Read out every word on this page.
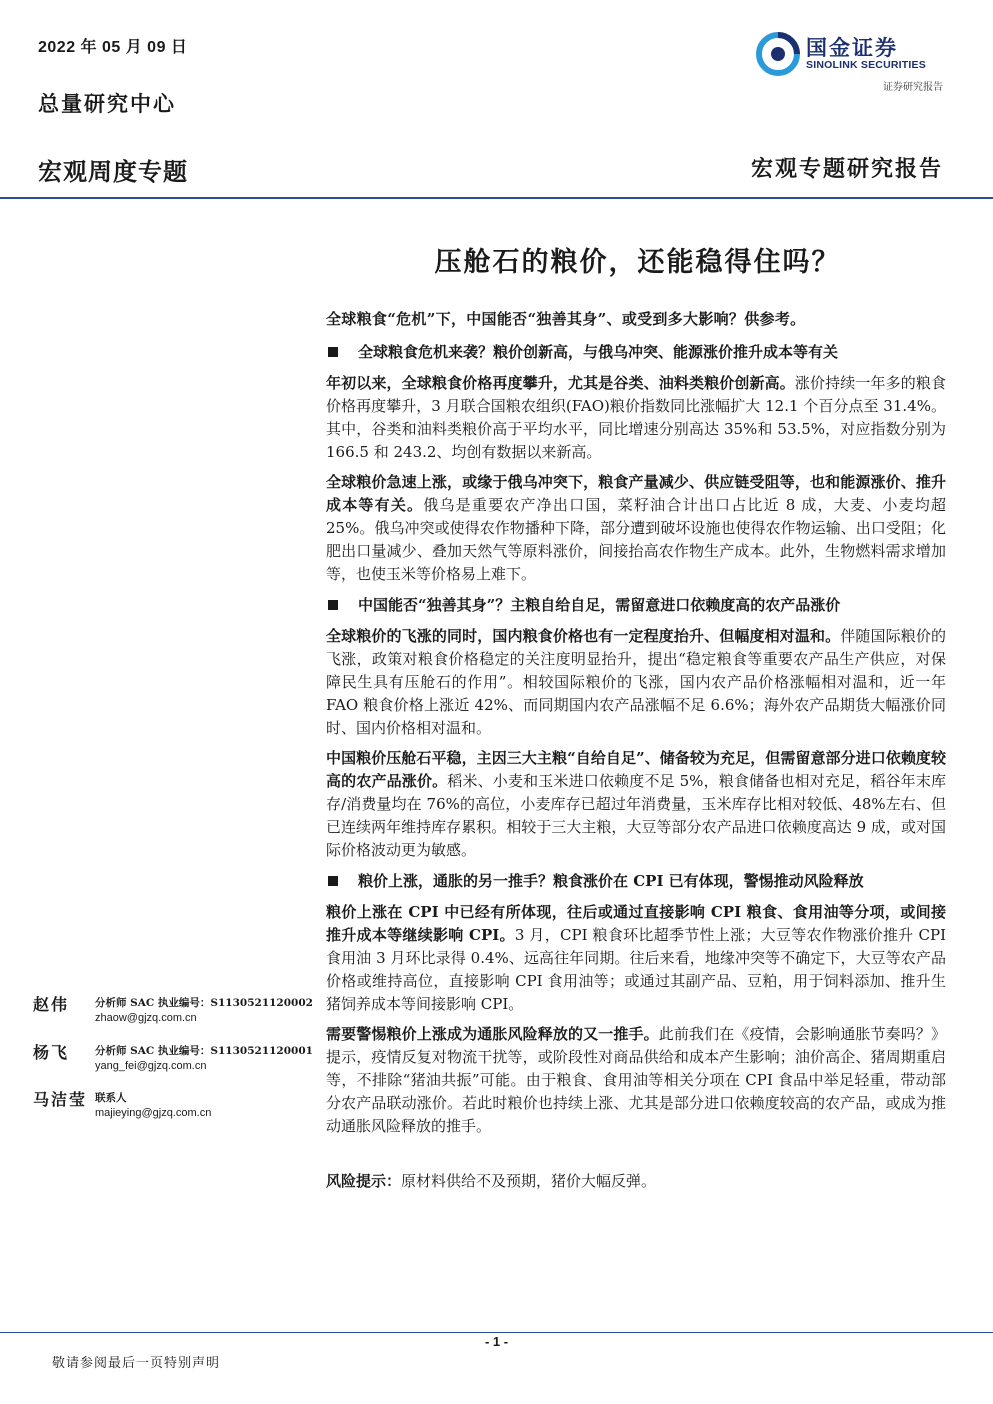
2022 年 05 月 09 日
总量研究中心
宏观周度专题	宏观专题研究报告
国金证券
SINOLINK SECURITIES
证券研究报告
压舱石的粮价，还能稳得住吗？
全球粮食“危机”下，中国能否“独善其身”、或受到多大影响？供参考。
全球粮食危机来袭？粮价创新高，与俄乌冲突、能源涨价推升成本等有关

年初以来，全球粮食价格再度攀升，尤其是谷类、油料类粮价创新高。涨价持续一年多的粮食价格再度攀升，3 月联合国粮农组织(FAO)粮价指数同比涨幅扩大 12.1 个百分点至 31.4%。其中，谷类和油料类粮价高于平均水平，同比增速分别高达 35%和 53.5%，对应指数分别为 166.5 和 243.2、均创有数据以来新高。

全球粮价急速上涨，或缘于俄乌冲突下，粮食产量减少、供应链受阻等，也和能源涨价、推升成本等有关。俄乌是重要农产净出口国，菜籽油合计出口占比近 8 成，大麦、小麦均超 25%。俄乌冲突或使得农作物播种下降，部分遭到破坏设施也使得农作物运输、出口受阻；化肥出口量减少、叠加天然气等原料涨价，间接抬高农作物生产成本。此外，生物燃料需求增加等，也使玉米等价格易上难下。

中国能否“独善其身”？主粮自给自足，需留意进口依赖度高的农产品涨价

全球粮价的飞涨的同时，国内粮食价格也有一定程度抬升、但幅度相对温和。伴随国际粮价的飞涨，政策对粮食价格稳定的关注度明显抬升，提出“稳定粮食等重要农产品生产供应，对保障民生具有压舱石的作用”。相较国际粮价的飞涨，国内农产品价格涨幅相对温和，近一年 FAO 粮食价格上涨近 42%、而同期国内农产品涨幅不足 6.6%；海外农产品期货大幅涨价同时、国内价格相对温和。

中国粮价压舱石平稳，主因三大主粮“自给自足”、储备较为充足，但需留意部分进口依赖度较高的农产品涨价。稻米、小麦和玉米进口依赖度不足 5%，粮食储备也相对充足，稻谷年末库存/消费量均在 76%的高位，小麦库存已超过年消费量，玉米库存比相对较低、48%左右、但已连续两年维持库存累积。相较于三大主粮，大豆等部分农产品进口依赖度高达 9 成，或对国际价格波动更为敏感。

粮价上涨，通胀的另一推手？粮食涨价在 CPI 已有体现，警惕推动风险释放

粮价上涨在 CPI 中已经有所体现，往后或通过直接影响 CPI 粮食、食用油等分项，或间接推升成本等继续影响 CPI。3 月，CPI 粮食环比超季节性上涨；大豆等农作物涨价推升 CPI 食用油 3 月环比录得 0.4%、远高往年同期。往后来看，地缘冲突等不确定下，大豆等农产品价格或维持高位，直接影响 CPI 食用油等；或通过其副产品、豆粕，用于饲料添加、推升生猪饲养成本等间接影响 CPI。

需要警惕粮价上涨成为通胀风险释放的又一推手。此前我们在《疫情，会影响通胀节奏吗？》提示，疫情反复对物流干扰等，或阶段性对商品供给和成本产生影响；油价高企、猪周期重启等，不排除“猪油共振”可能。由于粮食、食用油等相关分项在 CPI 食品中举足轻重，带动部分农产品联动涨价。若此时粮价也持续上涨、尤其是部分进口依赖度较高的农产品，或成为推动通胀风险释放的推手。

风险提示：原材料供给不及预期，猪价大幅反弹。
赵伟 分析师 SAC 执业编号：S1130521120002
zhaow@gjzq.com.cn
杨飞 分析师 SAC 执业编号：S1130521120001
yang_fei@gjzq.com.cn
马洁莹 联系人
majieying@gjzq.com.cn
- 1 -
敬请参阅最后一页特别声明
